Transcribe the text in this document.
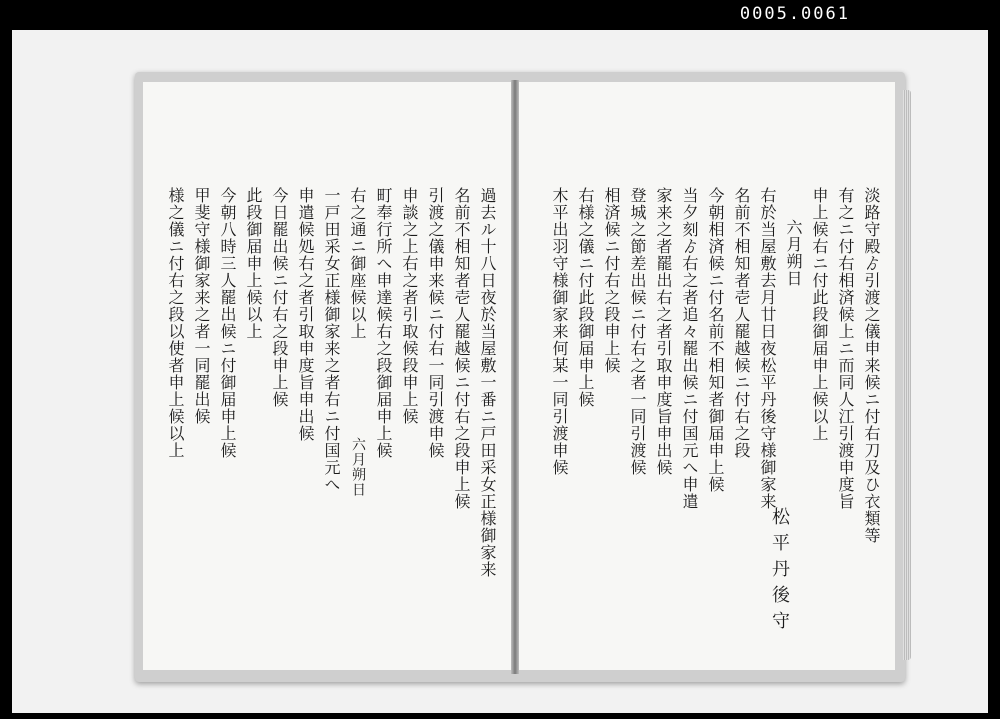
0005.0061
過去ル十八日夜於当屋敷一番ニ戸田采女正様御家来
名前不相知者壱人罷越候ニ付右之段申上候
引渡之儀申来候ニ付右一同引渡申候
申談之上右之者引取候段申上候
町奉行所へ申達候右之段御届申上候
右之通ニ御座候以上
六月朔日
一戸田采女正様御家来之者右ニ付国元へ
申遣候処右之者引取申度旨申出候
今日罷出候ニ付右之段申上候
此段御届申上候以上
今朝八時三人罷出候ニ付御届申上候
甲斐守様御家来之者一同罷出候
様之儀ニ付右之段以使者申上候以上	淡路守殿ゟ引渡之儀申来候ニ付右刀及ひ衣類等
有之ニ付右相済候上ニ而同人江引渡申度旨
申上候右ニ付此段御届申上候以上
六月朔日
右於当屋敷去月廿日夜松平丹後守様御家来
名前不相知者壱人罷越候ニ付右之段
今朝相済候ニ付名前不相知者御届申上候
当夕刻ゟ右之者追々罷出候ニ付国元へ申遣
家来之者罷出右之者引取申度旨申出候
登城之節差出候ニ付右之者一同引渡候
相済候ニ付右之段申上候
右様之儀ニ付此段御届申上候
木平出羽守様御家来何某一同引渡申候
松平丹後守
